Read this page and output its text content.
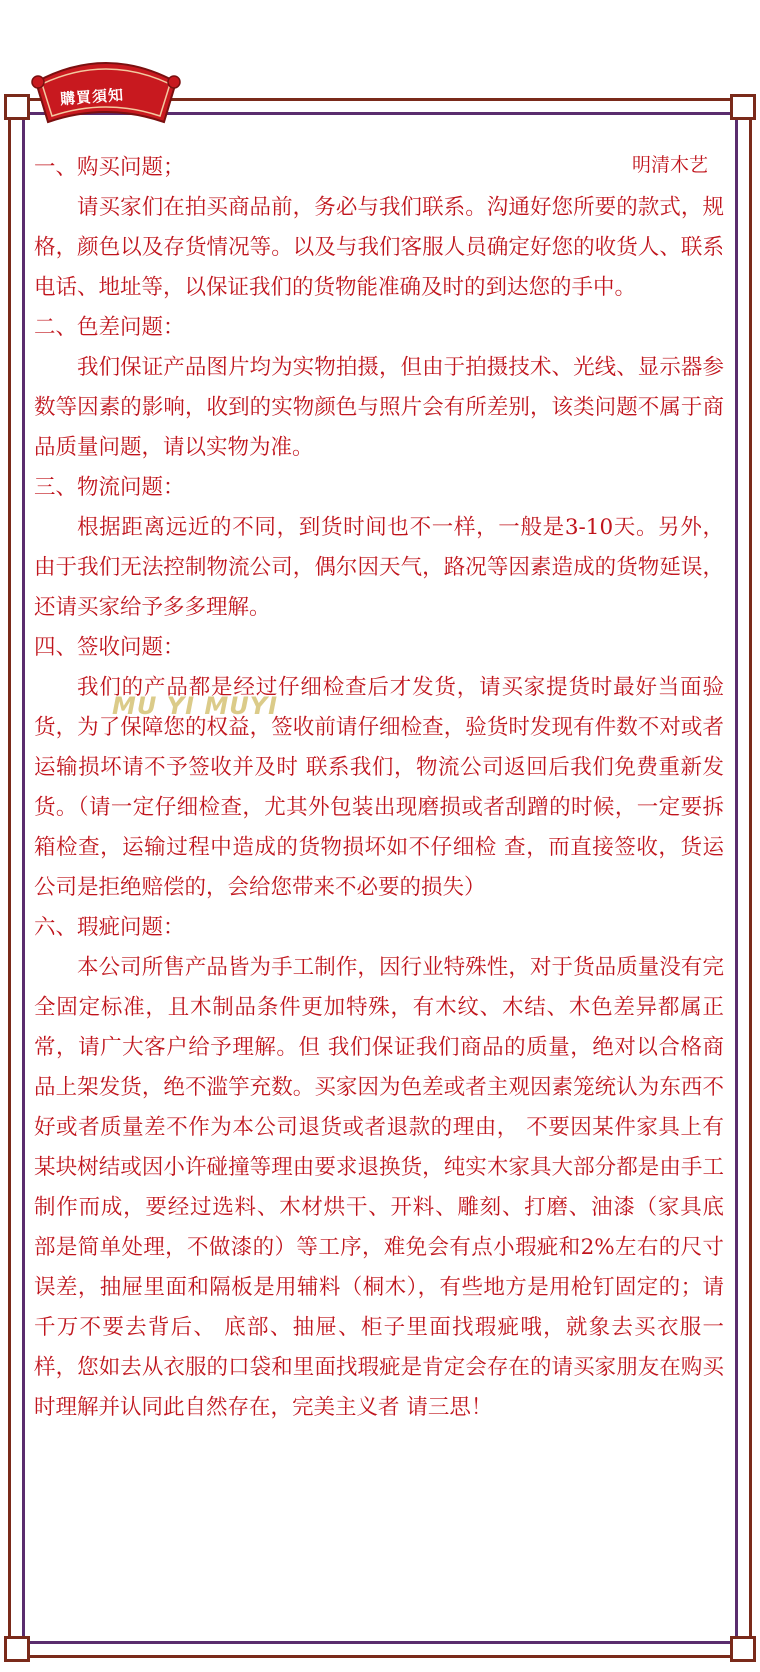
購買須知
明清木艺
MU YI MUYI
一、购买问题；

请买家们在拍买商品前，务必与我们联系。沟通好您所要的款式，规格，颜色以及存货情况等。以及与我们客服人员确定好您的收货人、联系电话、地址等，以保证我们的货物能准确及时的到达您的手中。

二、色差问题：

我们保证产品图片均为实物拍摄，但由于拍摄技术、光线、显示器参数等因素的影响，收到的实物颜色与照片会有所差别，该类问题不属于商品质量问题，请以实物为准。

三、物流问题：

根据距离远近的不同，到货时间也不一样，一般是3-10天。另外，由于我们无法控制物流公司，偶尔因天气，路况等因素造成的货物延误，还请买家给予多多理解。

四、签收问题：

我们的产品都是经过仔细检查后才发货，请买家提货时最好当面验货，为了保障您的权益，签收前请仔细检查，验货时发现有件数不对或者运输损坏请不予签收并及时 联系我们，物流公司返回后我们免费重新发货。（请一定仔细检查，尤其外包装出现磨损或者刮蹭的时候，一定要拆箱检查，运输过程中造成的货物损坏如不仔细检 查，而直接签收，货运公司是拒绝赔偿的，会给您带来不必要的损失）

六、瑕疵问题：

本公司所售产品皆为手工制作，因行业特殊性，对于货品质量没有完全固定标准，且木制品条件更加特殊，有木纹、木结、木色差异都属正常，请广大客户给予理解。但 我们保证我们商品的质量，绝对以合格商品上架发货，绝不滥竽充数。买家因为色差或者主观因素笼统认为东西不好或者质量差不作为本公司退货或者退款的理由， 不要因某件家具上有某块树结或因小许碰撞等理由要求退换货，纯实木家具大部分都是由手工制作而成，要经过选料、木材烘干、开料、雕刻、打磨、油漆（家具底 部是简单处理，不做漆的）等工序，难免会有点小瑕疵和2%左右的尺寸误差，抽屉里面和隔板是用辅料（桐木），有些地方是用枪钉固定的；请千万不要去背后、 底部、抽屉、柜子里面找瑕疵哦，就象去买衣服一样，您如去从衣服的口袋和里面找瑕疵是肯定会存在的请买家朋友在购买时理解并认同此自然存在，完美主义者 请三思！
